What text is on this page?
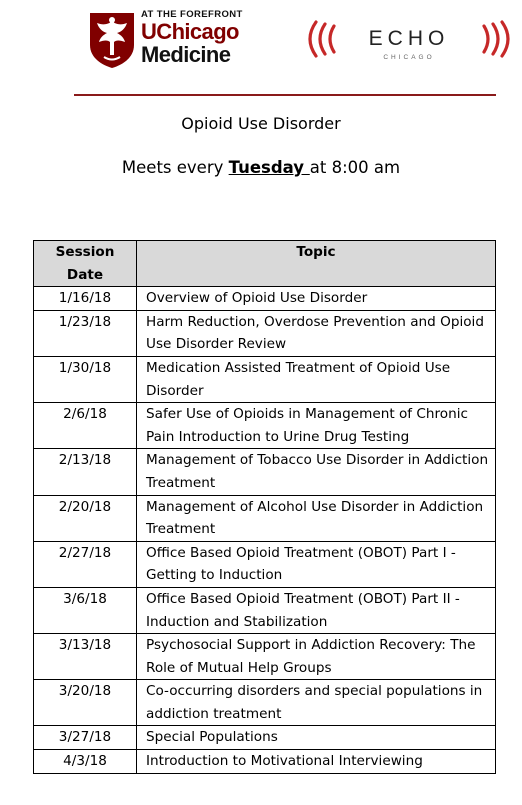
AT THE FOREFRONT
UChicago
Medicine
ECHO
CHICAGO
Opioid Use Disorder
Meets every Tuesday at 8:00 am
Session Date	Topic
1/16/18	Overview of Opioid Use Disorder
1/23/18	Harm Reduction, Overdose Prevention and Opioid Use Disorder Review
1/30/18	Medication Assisted Treatment of Opioid Use Disorder
2/6/18	Safer Use of Opioids in Management of Chronic Pain Introduction to Urine Drug Testing
2/13/18	Management of Tobacco Use Disorder in Addiction Treatment
2/20/18	Management of Alcohol Use Disorder in Addiction Treatment
2/27/18	Office Based Opioid Treatment (OBOT) Part I - Getting to Induction
3/6/18	Office Based Opioid Treatment (OBOT) Part II - Induction and Stabilization
3/13/18	Psychosocial Support in Addiction Recovery: The Role of Mutual Help Groups
3/20/18	Co-occurring disorders and special populations in addiction treatment
3/27/18	Special Populations
4/3/18	Introduction to Motivational Interviewing
